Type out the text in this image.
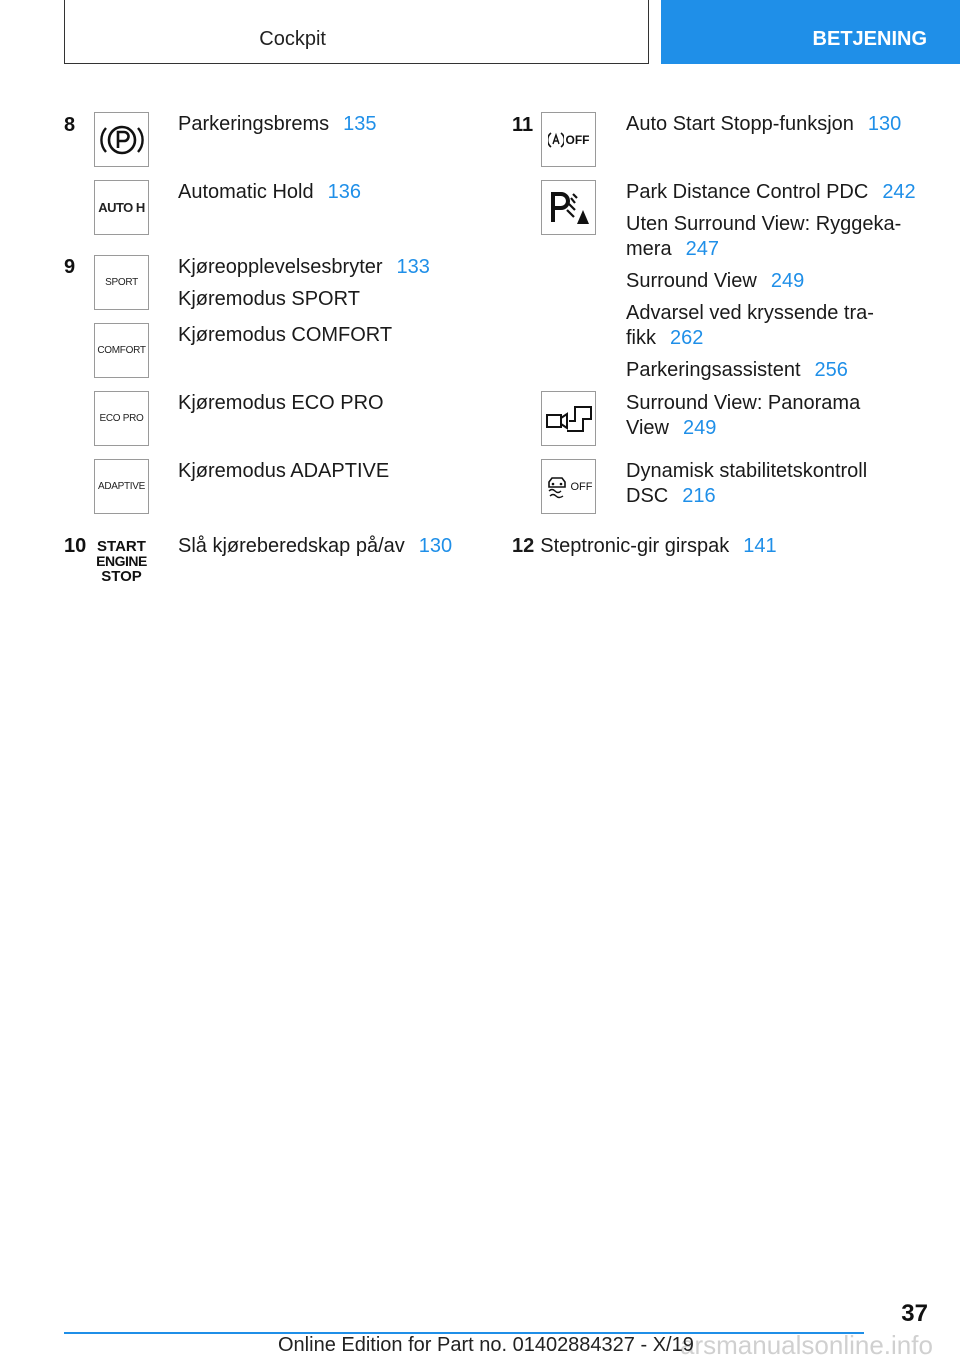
Cockpit	BETJENING
8	Parkeringsbrems 135
AUTO H
Automatic Hold 136
9
SPORT
Kjøreopplevelsesbryter 133
Kjøremodus SPORT
COMFORT
Kjøremodus COMFORT
ECO PRO
Kjøremodus ECO PRO
ADAPTIVE
Kjøremodus ADAPTIVE
10 START
ENGINE
STOP
Slå kjøreberedskap på/av 130
11
OFF
Auto Start Stopp-funksjon 130
Park Distance Control PDC 242
Uten Surround View: Ryggeka-
mera 247
Surround View 249
Advarsel ved kryssende tra-
fikk 262
Parkeringsassistent 256
Surround View: Panorama
View 249
OFF
Dynamisk stabilitetskontroll
DSC 216
12 Steptronic-gir girspak 141
37
arsmanualsonline.info
Online Edition for Part no. 01402884327 - X/19
